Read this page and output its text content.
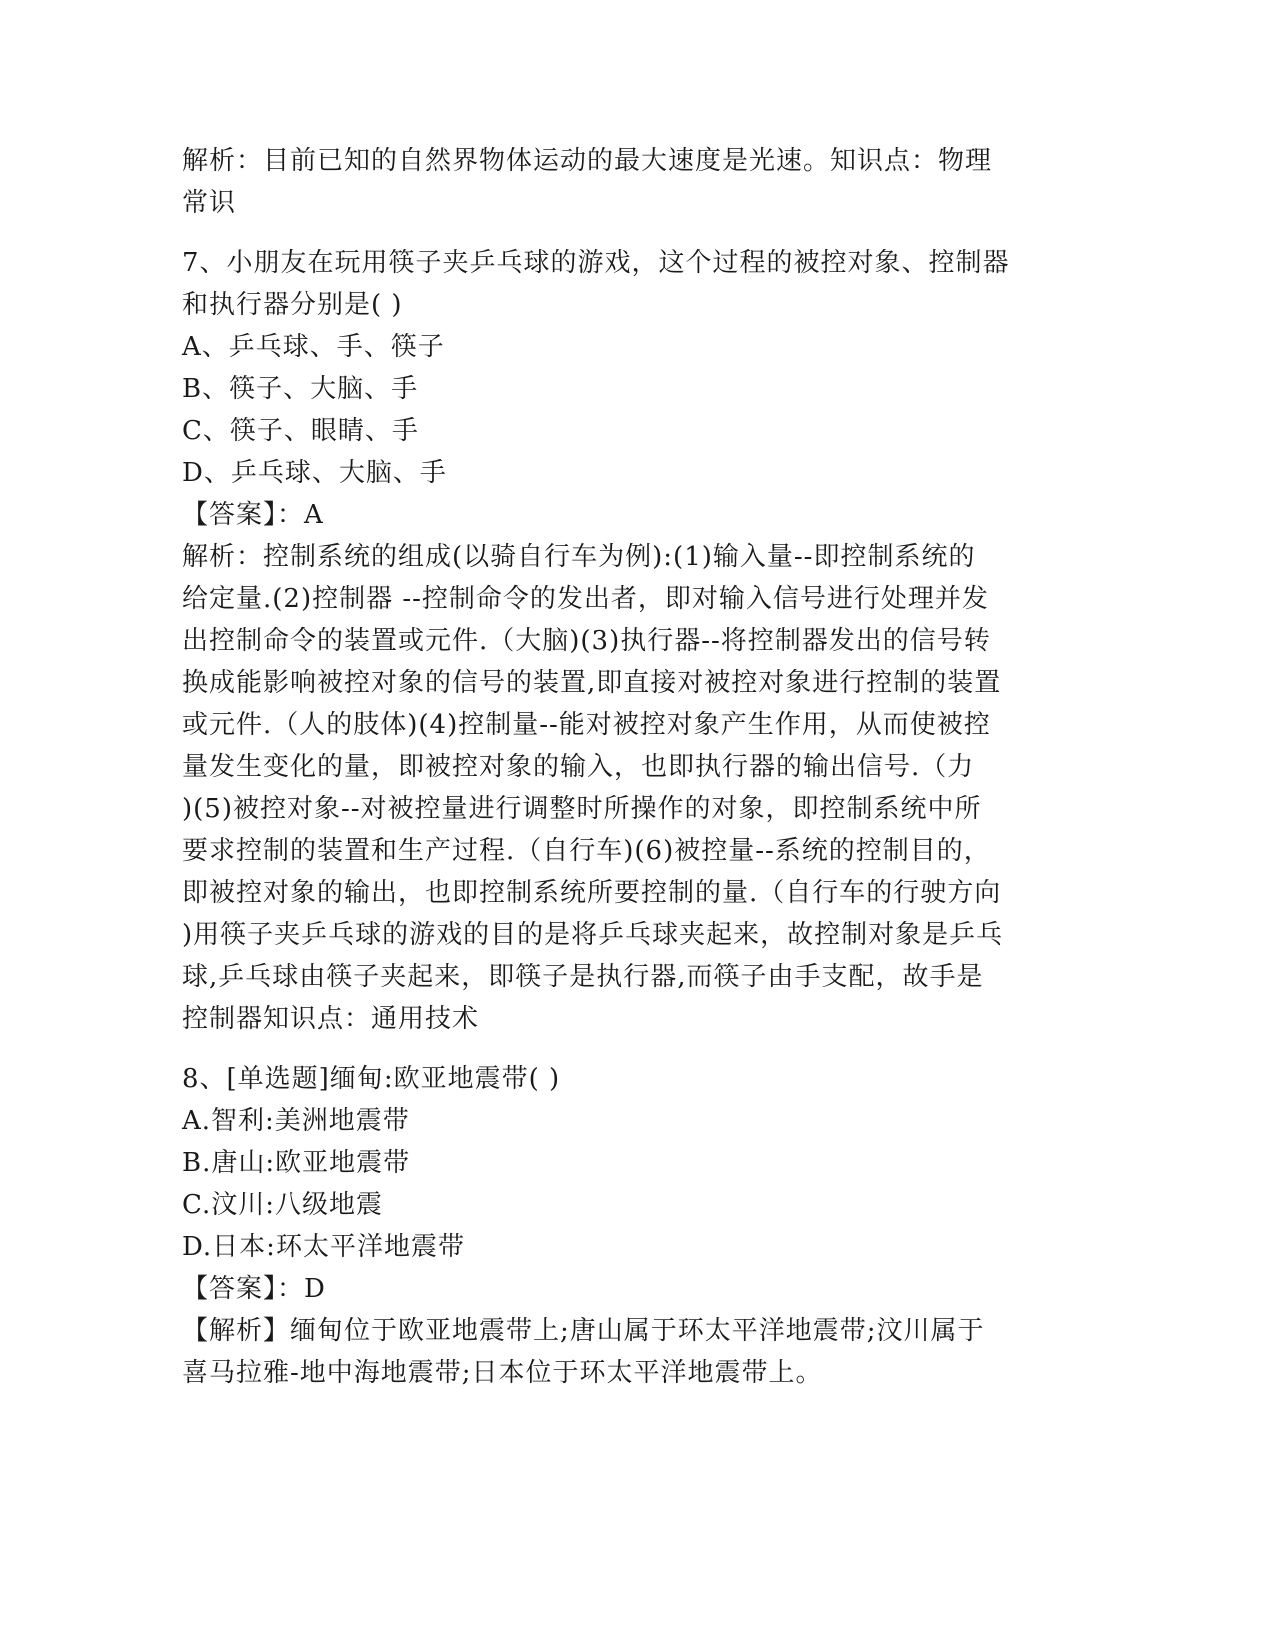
解析：目前已知的自然界物体运动的最大速度是光速。知识点：物理
常识
7、小朋友在玩用筷子夹乒乓球的游戏，这个过程的被控对象、控制器
和执行器分别是( )
A、乒乓球、手、筷子
B、筷子、大脑、手
C、筷子、眼睛、手
D、乒乓球、大脑、手
【答案】：A
解析：控制系统的组成(以骑自行车为例):(1)输入量--即控制系统的
给定量.(2)控制器 --控制命令的发出者，即对输入信号进行处理并发
出控制命令的装置或元件.（大脑)(3)执行器--将控制器发出的信号转
换成能影响被控对象的信号的装置,即直接对被控对象进行控制的装置
或元件.（人的肢体)(4)控制量--能对被控对象产生作用，从而使被控
量发生变化的量，即被控对象的输入，也即执行器的输出信号.（力
)(5)被控对象--对被控量进行调整时所操作的对象，即控制系统中所
要求控制的装置和生产过程.（自行车)(6)被控量--系统的控制目的，
即被控对象的输出，也即控制系统所要控制的量.（自行车的行驶方向
)用筷子夹乒乓球的游戏的目的是将乒乓球夹起来，故控制对象是乒乓
球,乒乓球由筷子夹起来，即筷子是执行器,而筷子由手支配，故手是
控制器知识点：通用技术
8、[单选题]缅甸:欧亚地震带( )
A.智利:美洲地震带
B.唐山:欧亚地震带
C.汶川:八级地震
D.日本:环太平洋地震带
【答案】：D
【解析】缅甸位于欧亚地震带上;唐山属于环太平洋地震带;汶川属于
喜马拉雅-地中海地震带;日本位于环太平洋地震带上。
